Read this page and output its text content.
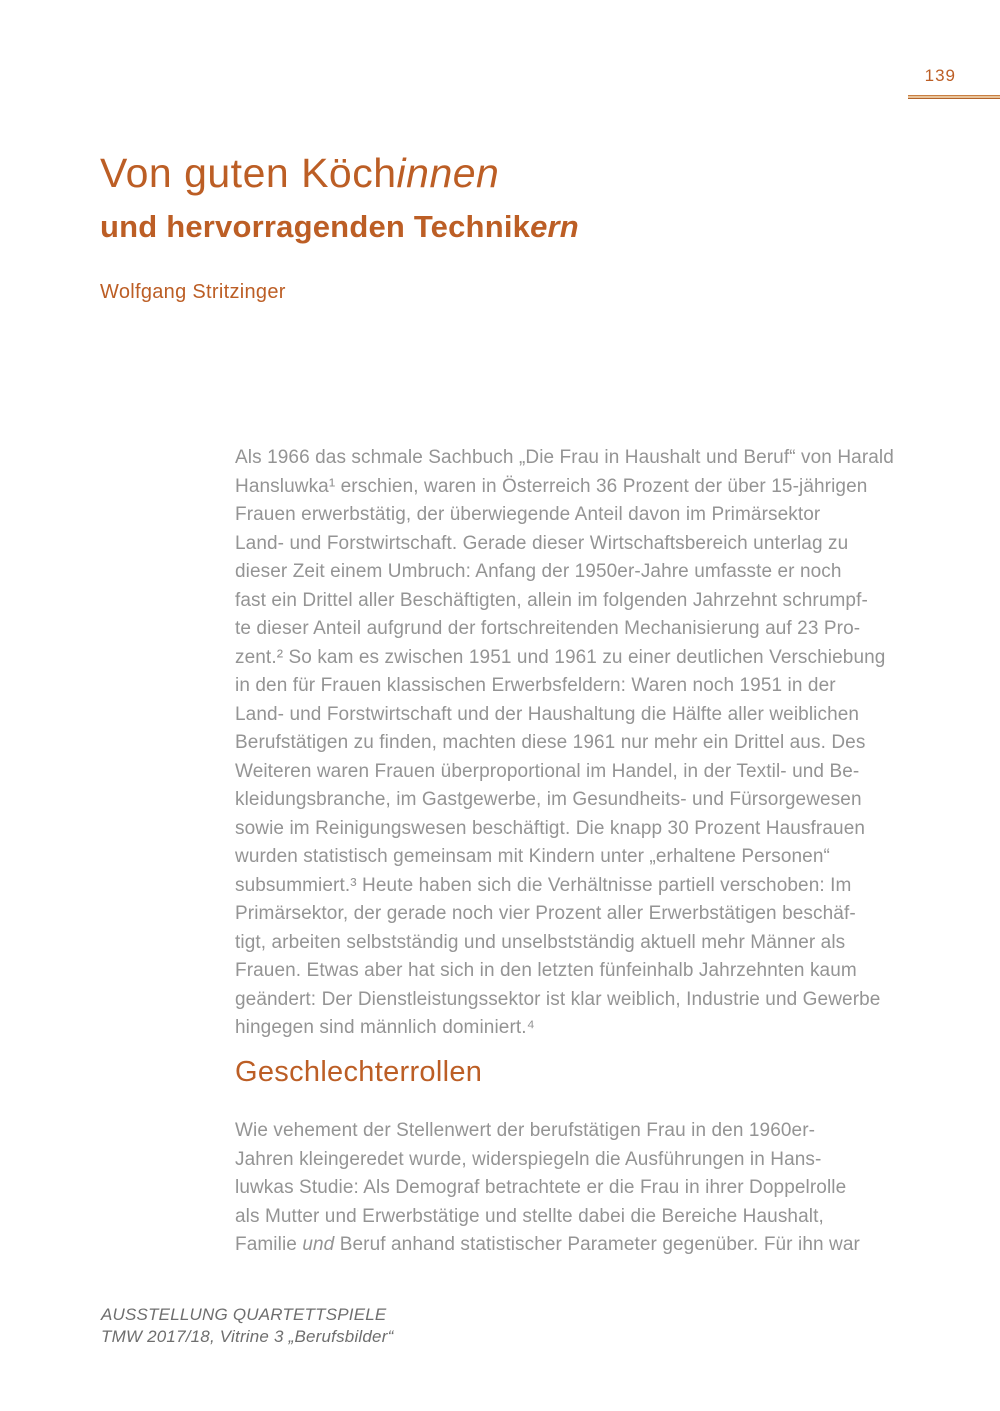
139
Von guten Köchinnen
und hervorragenden Technikern
Wolfgang Stritzinger
Als 1966 das schmale Sachbuch „Die Frau in Haushalt und Beruf“ von Harald
Hansluwka¹ erschien, waren in Österreich 36 Prozent der über 15-jährigen
Frauen erwerbstätig, der überwiegende Anteil davon im Primärsektor
Land- und Forstwirtschaft. Gerade dieser Wirtschaftsbereich unterlag zu
dieser Zeit einem Umbruch: Anfang der 1950er-Jahre umfasste er noch
fast ein Drittel aller Beschäftigten, allein im folgenden Jahrzehnt schrumpf-
te dieser Anteil aufgrund der fortschreitenden Mechanisierung auf 23 Pro-
zent.² So kam es zwischen 1951 und 1961 zu einer deutlichen Verschiebung
in den für Frauen klassischen Erwerbsfeldern: Waren noch 1951 in der
Land- und Forstwirtschaft und der Haushaltung die Hälfte aller weiblichen
Berufstätigen zu finden, machten diese 1961 nur mehr ein Drittel aus. Des
Weiteren waren Frauen überproportional im Handel, in der Textil- und Be-
kleidungsbranche, im Gastgewerbe, im Gesundheits- und Fürsorgewesen
sowie im Reinigungswesen beschäftigt. Die knapp 30 Prozent Hausfrauen
wurden statistisch gemeinsam mit Kindern unter „erhaltene Personen“
subsummiert.³ Heute haben sich die Verhältnisse partiell verschoben: Im
Primärsektor, der gerade noch vier Prozent aller Erwerbstätigen beschäf-
tigt, arbeiten selbstständig und unselbstständig aktuell mehr Männer als
Frauen. Etwas aber hat sich in den letzten fünfeinhalb Jahrzehnten kaum
geändert: Der Dienstleistungssektor ist klar weiblich, Industrie und Gewerbe
hingegen sind männlich dominiert.⁴
Geschlechterrollen
Wie vehement der Stellenwert der berufstätigen Frau in den 1960er-
Jahren kleingeredet wurde, widerspiegeln die Ausführungen in Hans-
luwkas Studie: Als Demograf betrachtete er die Frau in ihrer Doppelrolle
als Mutter und Erwerbstätige und stellte dabei die Bereiche Haushalt,
Familie und Beruf anhand statistischer Parameter gegenüber. Für ihn war
AUSSTELLUNG QUARTETTSPIELE
TMW 2017/18, Vitrine 3 „Berufsbilder“
